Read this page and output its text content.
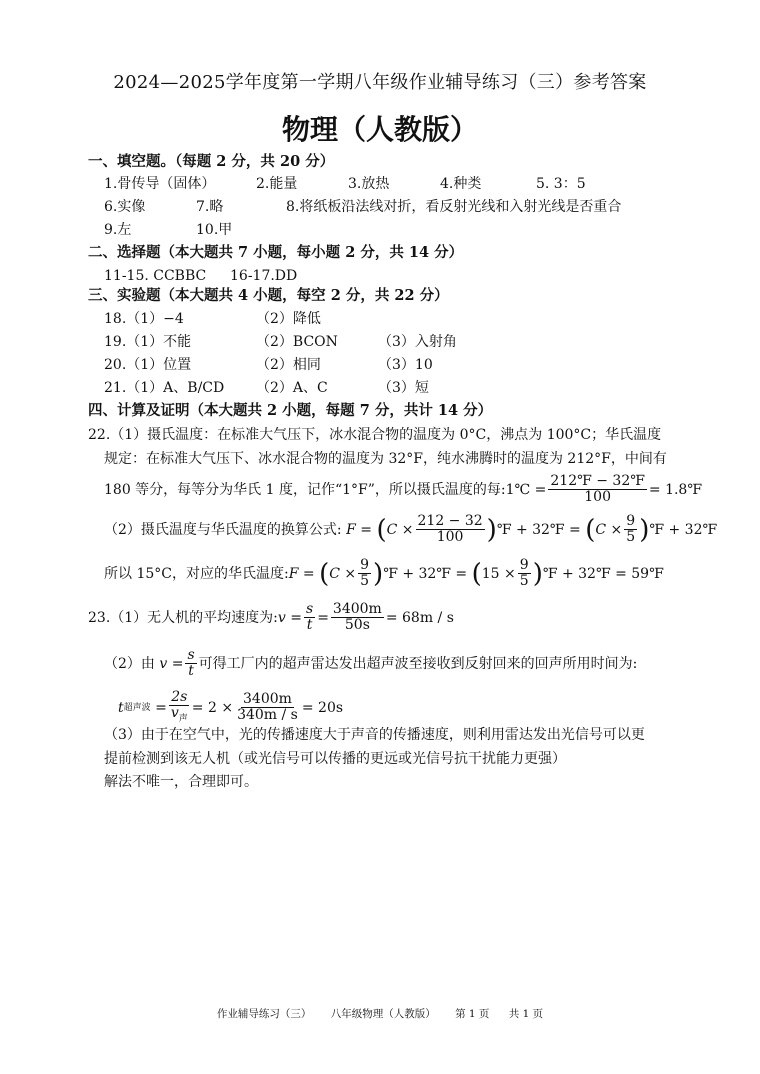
2024—2025学年度第一学期八年级作业辅导练习（三）参考答案
物理（人教版）
一、填空题。（每题 2 分，共 20 分）
1.骨传导（固体）	2.能量	3.放热	4.种类	5. 3：5
6.实像	7.略	8.将纸板沿法线对折，看反射光线和入射光线是否重合
9.左	10.甲
二、选择题（本大题共 7 小题，每小题 2 分，共 14 分）
11-15. CCBBC 16-17.DD
三、实验题（本大题共 4 小题，每空 2 分，共 22 分）
18.（1）−4	（2）降低
19.（1）不能	（2）BCON	（3）入射角
20.（1）位置	（2）相同	（3）10
21.（1）A、B/CD （2）A、C	（3）短
四、计算及证明（本大题共 2 小题，每题 7 分，共计 14 分）
22.（1）摄氏温度：在标准大气压下，冰水混合物的温度为 0°C，沸点为 100°C；华氏温度
规定：在标准大气压下、冰水混合物的温度为 32°F，纯水沸腾时的温度为 212°F，中间有
180 等分，每等分为华氏 1 度，记作“1°F”，所以摄氏温度的每:1℃ = $\frac{212℉ - 32℉}{100}$ = 1.8℉
（2）摄氏温度与华氏温度的换算公式: F = ( $C \times \frac{212 - 32}{100}$ ) ℉ + 32℉ = ( $C \times \frac{9}{5}$ ) ℉ + 32℉
所以 15°C，对应的华氏温度: F = ( $C \times \frac{9}{5}$ ) ℉ + 32℉ = ( $15 \times \frac{9}{5}$ ) ℉ + 32℉ = 59℉
23.（1）无人机的平均速度为: $v = \frac{s}{t} = \frac{3400m}{50s} = 68m / s$
（2）由
$v = \frac{s}{t}$ 可得工厂内的超声雷达发出超声波至接收到反射回来的回声所用时间为:
t 超声波 = $\frac{2s}{v_声} = 2 \times \frac{3400m}{340m / s} = 20s$
（3）由于在空气中，光的传播速度大于声音的传播速度，则利用雷达发出光信号可以更
提前检测到该无人机（或光信号可以传播的更远或光信号抗干扰能力更强）
解法不唯一，合理即可。
作业辅导练习（三） 八年级物理（人教版） 第 1 页 共 1 页
